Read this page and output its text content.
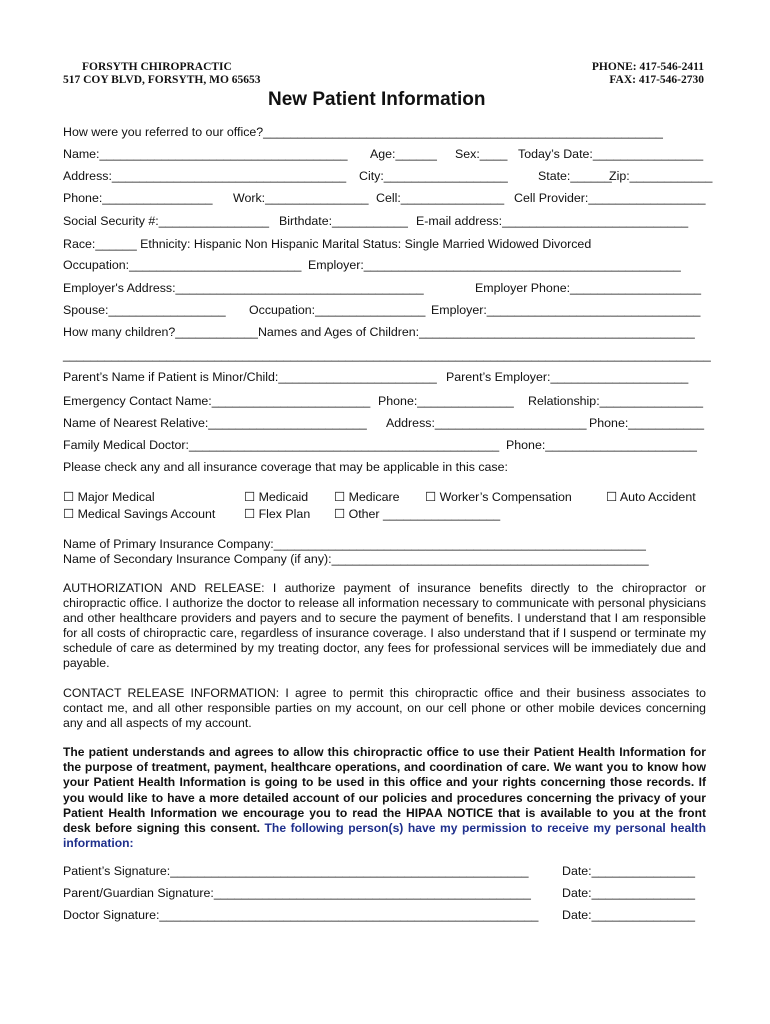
FORSYTH CHIROPRACTIC
517 COY BLVD, FORSYTH, MO 65653
PHONE: 417-546-2411
FAX: 417-546-2730
New Patient Information
How were you referred to our office?__________________________________________________________
Name:____________________________________ Age:______ Sex:____ Today’s Date:________________
Address:__________________________________ City:__________________ State:______
Zip:____________
Phone:________________ Work:_______________ Cell:_______________ Cell Provider:_________________
Social Security #:________________ Birthdate:___________ E-mail address:___________________________
Race:______ Ethnicity: Hispanic Non Hispanic Marital Status: Single Married Widowed Divorced
Occupation:_________________________ Employer:______________________________________________
Employer's Address:____________________________________	Employer Phone:___________________
Spouse:_________________ Occupation:________________ Employer:_______________________________
How many children?____________Names and Ages of Children:________________________________________
______________________________________________________________________________________________
Parent’s Name if Patient is Minor/Child:_______________________ Parent’s Employer:____________________
Emergency Contact Name:_______________________ Phone:______________ Relationship:_______________
Name of Nearest Relative:_______________________ Address:______________________ Phone:___________
Family Medical Doctor:_____________________________________________ Phone:______________________
Please check any and all insurance coverage that may be applicable in this case:
☐ Major Medical
☐ Medical Savings Account
☐ Medicaid
☐ Flex Plan
☐ Medicare
☐ Other _________________
☐ Worker’s Compensation	☐ Auto Accident
Name of Primary Insurance Company:______________________________________________________
Name of Secondary Insurance Company (if any):______________________________________________
AUTHORIZATION AND RELEASE: I authorize payment of insurance benefits directly to the chiropractor or chiropractic office. I authorize the doctor to release all information necessary to communicate with personal physicians and other healthcare providers and payers and to secure the payment of benefits. I understand that I am responsible for all costs of chiropractic care, regardless of insurance coverage. I also understand that if I suspend or terminate my schedule of care as determined by my treating doctor, any fees for professional services will be immediately due and payable.
CONTACT RELEASE INFORMATION: I agree to permit this chiropractic office and their business associates to contact me, and all other responsible parties on my account, on our cell phone or other mobile devices concerning any and all aspects of my account.
The patient understands and agrees to allow this chiropractic office to use their Patient Health Information for the purpose of treatment, payment, healthcare operations, and coordination of care. We want you to know how your Patient Health Information is going to be used in this office and your rights concerning those records. If you would like to have a more detailed account of our policies and procedures concerning the privacy of your Patient Health Information we encourage you to read the HIPAA NOTICE that is available to you at the front desk before signing this consent. The following person(s) have my permission to receive my personal health information:
Patient’s Signature:____________________________________________________	Date:_______________
Parent/Guardian Signature:______________________________________________	Date:_______________
Doctor Signature:_______________________________________________________ Date:_______________
